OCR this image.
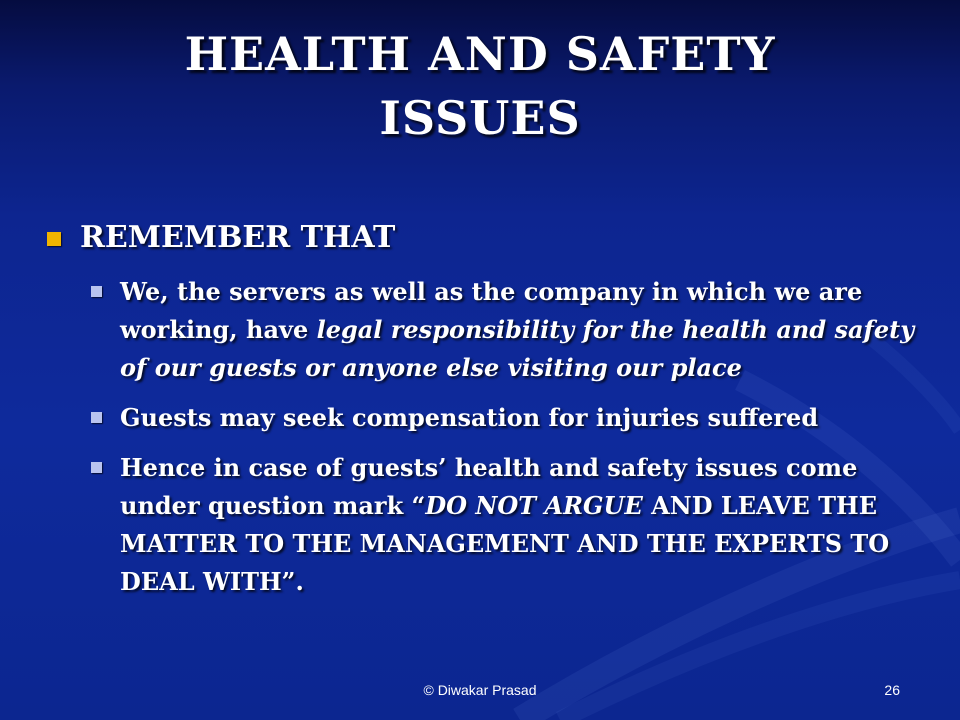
HEALTH AND SAFETY
ISSUES
REMEMBER THAT
We, the servers as well as the company in which we are working, have legal responsibility for the health and safety of our guests or anyone else visiting our place
Guests may seek compensation for injuries suffered
Hence in case of guests’ health and safety issues come under question mark “DO NOT ARGUE AND LEAVE THE MATTER TO THE MANAGEMENT AND THE EXPERTS TO DEAL WITH”.
© Diwakar Prasad	26
